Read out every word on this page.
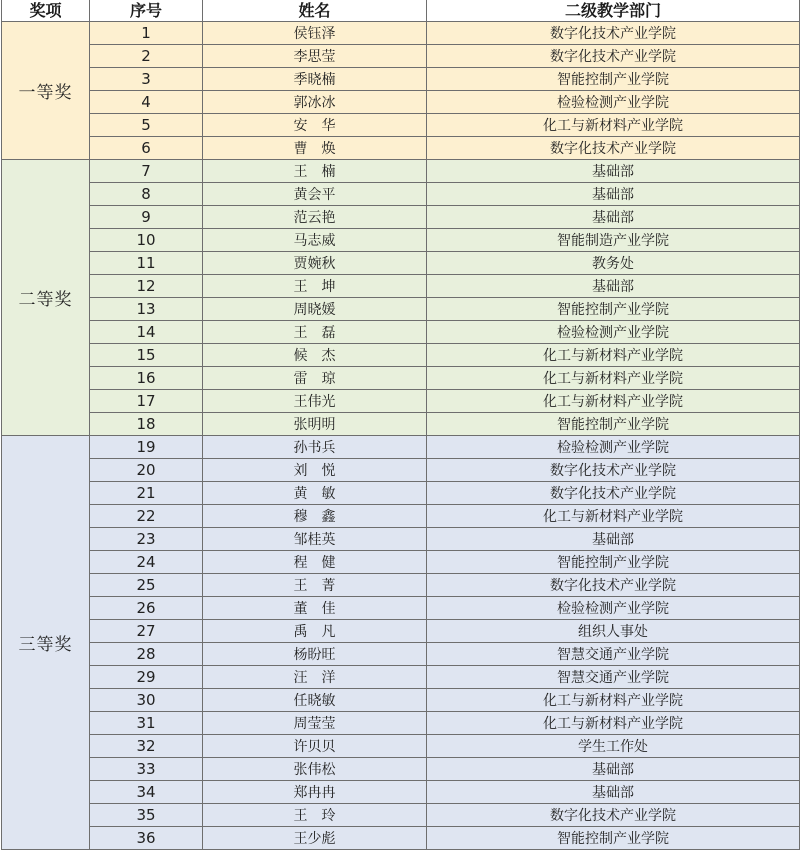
奖项	序号	姓名	二级教学部门
一等奖	1	侯钰泽	数字化技术产业学院
	2	李思莹	数字化技术产业学院
	3	季晓楠	智能控制产业学院
	4	郭冰冰	检验检测产业学院
	5	安　华	化工与新材料产业学院
	6	曹　焕	数字化技术产业学院
二等奖	7	王　楠	基础部
	8	黄会平	基础部
	9	范云艳	基础部
	10	马志威	智能制造产业学院
	11	贾婉秋	教务处
	12	王　坤	基础部
	13	周晓媛	智能控制产业学院
	14	王　磊	检验检测产业学院
	15	候　杰	化工与新材料产业学院
	16	雷　琼	化工与新材料产业学院
	17	王伟光	化工与新材料产业学院
	18	张明明	智能控制产业学院
三等奖	19	孙书兵	检验检测产业学院
	20	刘　悦	数字化技术产业学院
	21	黄　敏	数字化技术产业学院
	22	穆　鑫	化工与新材料产业学院
	23	邹桂英	基础部
	24	程　健	智能控制产业学院
	25	王　菁	数字化技术产业学院
	26	董　佳	检验检测产业学院
	27	禹　凡	组织人事处
	28	杨盼旺	智慧交通产业学院
	29	汪　洋	智慧交通产业学院
	30	任晓敏	化工与新材料产业学院
	31	周莹莹	化工与新材料产业学院
	32	许贝贝	学生工作处
	33	张伟松	基础部
	34	郑冉冉	基础部
	35	王　玲	数字化技术产业学院
	36	王少彪	智能控制产业学院
